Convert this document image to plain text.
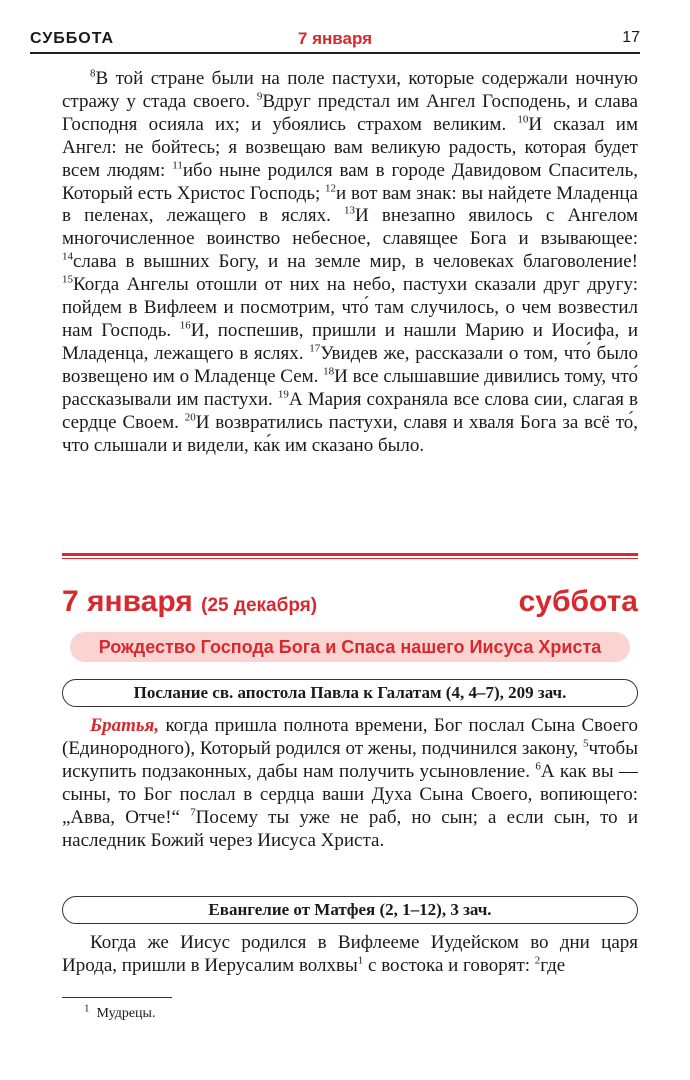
СУББОТА	7 января	17
$^8$В той стране были на поле пастухи, которые содержали ночную стражу у стада своего. $^9$Вдруг предстал им Ангел Господень, и слава Господня осияла их; и убоялись страхом великим. $^{10}$И сказал им Ангел: не бойтесь; я возвещаю вам великую радость, которая будет всем людям: $^{11}$ибо ныне родился вам в городе Давидовом Спаситель, Который есть Христос Господь; $^{12}$и вот вам знак: вы найдете Младенца в пеленах, лежащего в яслях. $^{13}$И внезапно явилось с Ангелом многочисленное воинство небесное, славящее Бога и взывающее: $^{14}$слава в вышних Богу, и на земле мир, в человеках благоволение! $^{15}$Когда Ангелы отошли от них на небо, пастухи сказали друг другу: пойдем в Вифлеем и посмотрим, что́ там случилось, о чем возвестил нам Господь. $^{16}$И, поспешив, пришли и нашли Марию и Иосифа, и Младенца, лежащего в яслях. $^{17}$Увидев же, рассказали о том, что́ было возвещено им о Младенце Сем. $^{18}$И все слышавшие дивились тому, что́ рассказывали им пастухи. $^{19}$А Мария сохраняла все слова сии, слагая в сердце Своем. $^{20}$И возвратились пастухи, славя и хваля Бога за всё то́, что слышали и видели, ка́к им сказано было.
7 января (25 декабря)	суббота
Рождество Господа Бога и Спаса нашего Иисуса Христа
Послание св. апостола Павла к Галатам (4, 4–7), 209 зач.
Братья, когда пришла полнота времени, Бог послал Сына Своего (Единородного), Который родился от жены, подчинился закону, $^5$чтобы искупить подзаконных, дабы нам получить усыновление. $^6$А как вы — сыны, то Бог послал в сердца ваши Духа Сына Своего, вопиющего: „Авва, Отче!“ $^7$Посему ты уже не раб, но сын; а если сын, то и наследник Божий через Иисуса Христа.
Евангелие от Матфея (2, 1–12), 3 зач.
Когда же Иисус родился в Вифлееме Иудейском во дни царя Ирода, пришли в Иерусалим волхвы$^1$ с востока и говорят: $^2$где
$^1$ Мудрецы.
